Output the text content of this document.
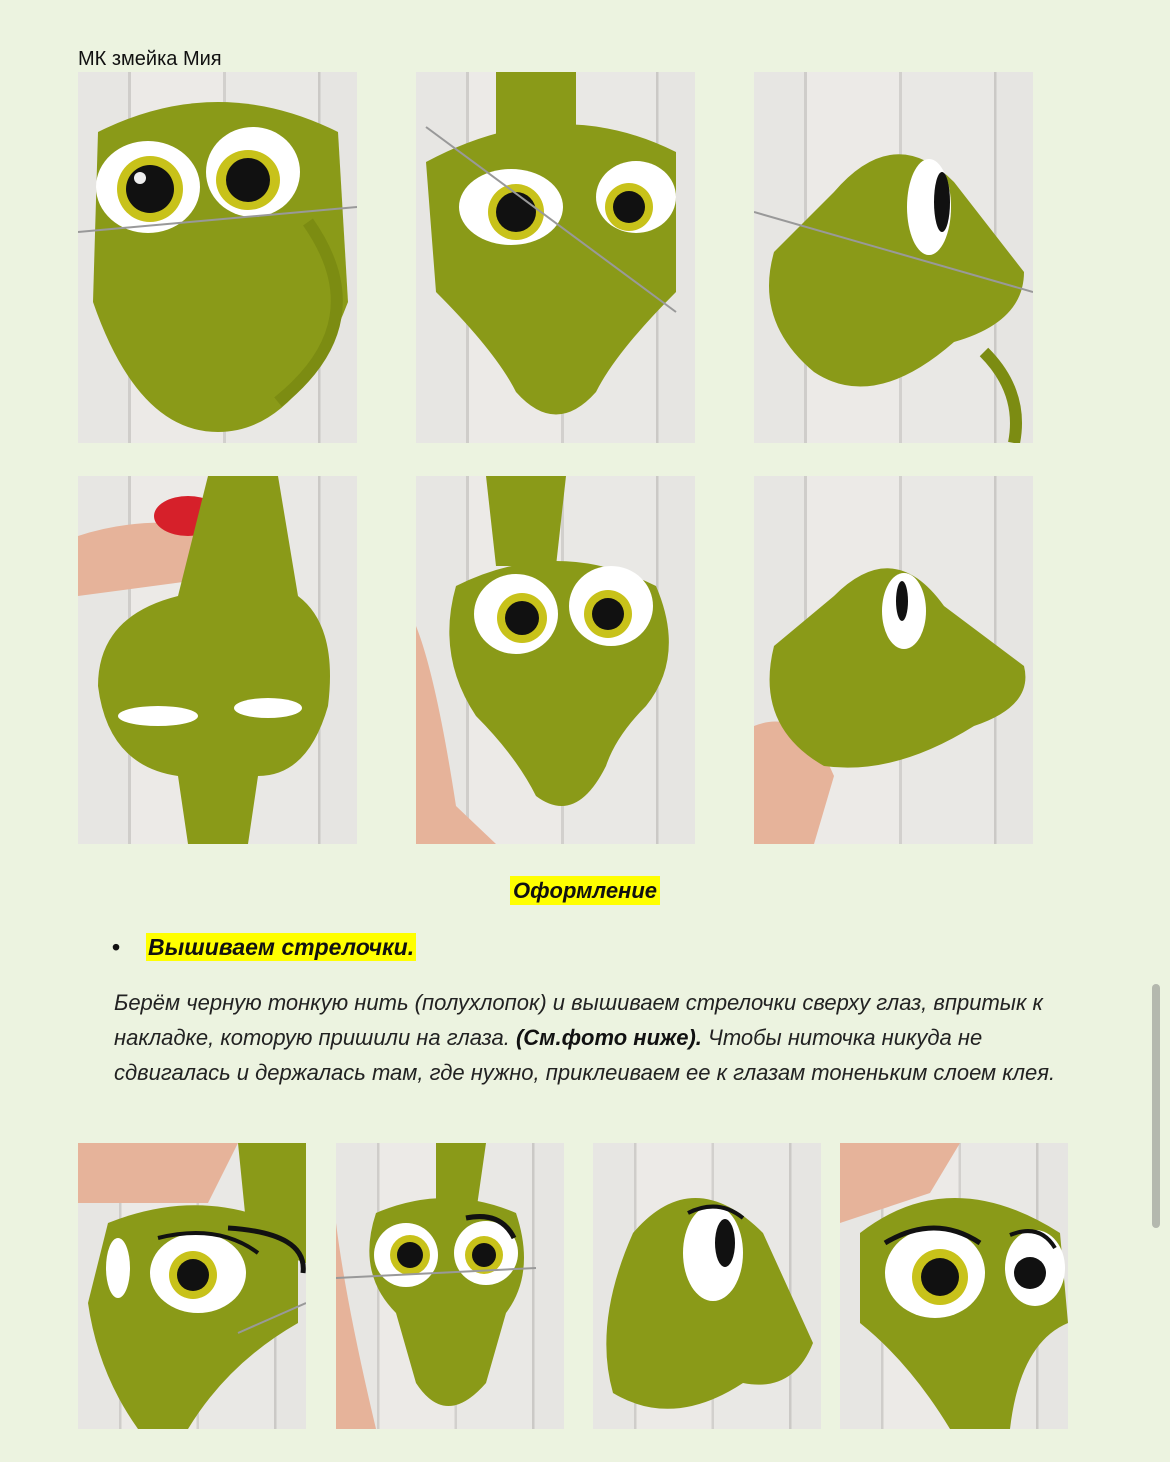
МК змейка Мия
Оформление
• Вышиваем стрелочки.
Берём черную тонкую нить (полухлопок) и вышиваем стрелочки сверху глаз, впритык к накладке, которую пришили на глаза. (См.фото ниже). Чтобы ниточка никуда не сдвигалась и держалась там, где нужно, приклеиваем ее к глазам тоненьким слоем клея.
